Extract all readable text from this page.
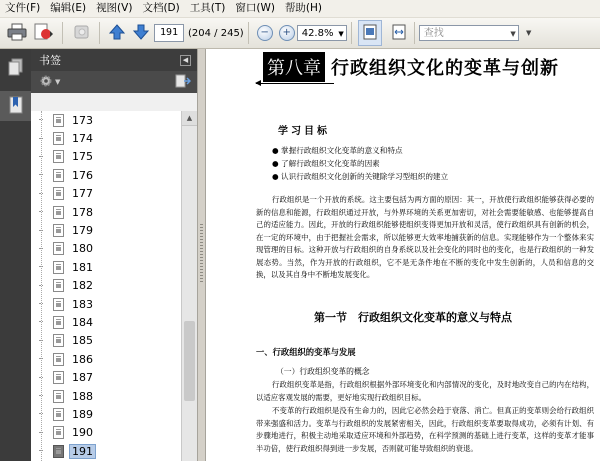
文件(F) 编辑(E) 视图(V) 文档(D) 工具(T) 窗口(W) 帮助(H)
191 (204 / 245)	−	+	42.8% ▼	查找	▼ ▼
书签	◀
▼
173
174
175
176
177
178
179
180
181
182
183
184
185
186
187
188
189
190
191
▲
第八章 行政组织文化的变革与创新
学习目标
● 掌握行政组织文化变革的意义和特点
● 了解行政组织文化变革的因素
● 认识行政组织文化创新的关键除学习型组织的建立
行政组织是一个开放的系统。这主要包括为两方面的原因：其一，开放使行政组织能够获得必要的新的信息和能源，行政组织通过开放，与外界环境的关系更加密切，对社会需要能敏感、也能够提高自己的适应能力。因此，开放的行政组织能够使组织变得更加开放和灵活，使行政组织具有创新的机会，在一定的环境中，由于把握社会需求，所以能够更大效率地捕获新的信息。实现能够作为一个整体来实现管理的目标。这种开放与行政组织的自身系统以及社会变化的同时也的变化，也是行政组织的一种发展态势。当然，作为开放的行政组织，它不是无条件地在不断的变化中发生创新的，人员和信息的交换，以及其自身中不断地发展变化。
第一节　行政组织文化变革的意义与特点
一、行政组织的变革与发展
（一）行政组织变革的概念
行政组织变革是指，行政组织根据外部环境变化和内部情况的变化，及时地改变自己的内在结构，以适应客观发展的需要，更好地实现行政组织目标。
不变革的行政组织是没有生命力的，因此它必然会趋于衰落、消亡。但真正的变革则会给行政组织带来强盛和活力。变革与行政组织的发展紧密相关，因此，行政组织变革要取得成功，必须有计划、有步骤地进行，积极主动地采取适应环境和外部趋势，在科学预测的基础上进行变革，这样的变革才能事半功倍，使行政组织得到进一步发展，否则就可能导致组织的衰退。
